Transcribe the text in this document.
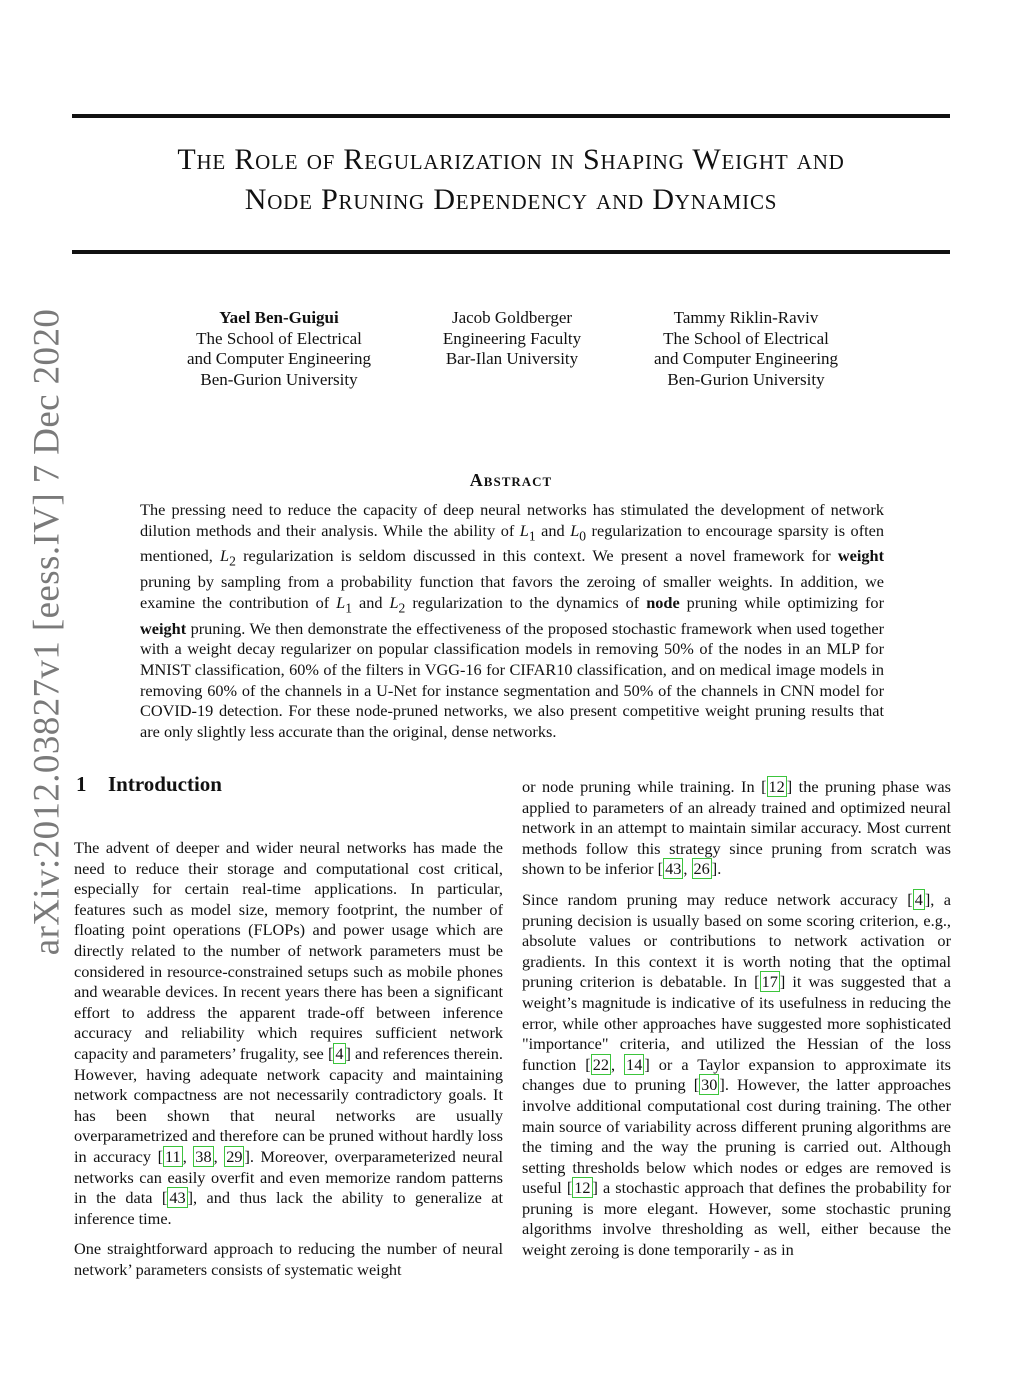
The Role of Regularization in Shaping Weight and
Node Pruning Dependency and Dynamics
arXiv:2012.03827v1 [eess.IV] 7 Dec 2020	Yael Ben-Guigui
The School of Electrical
and Computer Engineering
Ben-Gurion University
Jacob Goldberger
Engineering Faculty
Bar-Ilan University
Tammy Riklin-Raviv
The School of Electrical
and Computer Engineering
Ben-Gurion University
Abstract
The pressing need to reduce the capacity of deep neural networks has stimulated the development of network dilution methods and their analysis. While the ability of $L_1$ and $L_0$ regularization to encourage sparsity is often mentioned, $L_2$ regularization is seldom discussed in this context. We present a novel framework for weight pruning by sampling from a probability function that favors the zeroing of smaller weights. In addition, we examine the contribution of $L_1$ and $L_2$ regularization to the dynamics of node pruning while optimizing for weight pruning. We then demonstrate the effectiveness of the proposed stochastic framework when used together with a weight decay regularizer on popular classification models in removing 50% of the nodes in an MLP for MNIST classification, 60% of the filters in VGG-16 for CIFAR10 classification, and on medical image models in removing 60% of the channels in a U-Net for instance segmentation and 50% of the channels in CNN model for COVID-19 detection. For these node-pruned networks, we also present competitive weight pruning results that are only slightly less accurate than the original, dense networks.
1 Introduction

The advent of deeper and wider neural networks has made the need to reduce their storage and computational cost critical, especially for certain real-time applications. In particular, features such as model size, memory footprint, the number of floating point operations (FLOPs) and power usage which are directly related to the number of network parameters must be considered in resource-constrained setups such as mobile phones and wearable devices. In recent years there has been a significant effort to address the apparent trade-off between inference accuracy and reliability which requires sufficient network capacity and parameters’ frugality, see [ 4 ] and references therein. However, having adequate network capacity and maintaining network compactness are not necessarily contradictory goals. It has been shown that neural networks are usually overparametrized and therefore can be pruned without hardly loss in accuracy [ 11 , 38 , 29 ]. Moreover, overparameterized neural networks can easily overfit and even memorize random patterns in the data [ 43 ], and thus lack the ability to generalize at inference time.

One straightforward approach to reducing the number of neural network’ parameters consists of systematic weight

or node pruning while training. In [ 12 ] the pruning phase was applied to parameters of an already trained and optimized neural network in an attempt to maintain similar accuracy. Most current methods follow this strategy since pruning from scratch was shown to be inferior [ 43 , 26 ].

Since random pruning may reduce network accuracy [ 4 ], a pruning decision is usually based on some scoring criterion, e.g., absolute values or contributions to network activation or gradients. In this context it is worth noting that the optimal pruning criterion is debatable. In [ 17 ] it was suggested that a weight’s magnitude is indicative of its usefulness in reducing the error, while other approaches have suggested more sophisticated "importance" criteria, and utilized the Hessian of the loss function [ 22 , 14 ] or a Taylor expansion to approximate its changes due to pruning [ 30 ]. However, the latter approaches involve additional computational cost during training. The other main source of variability across different pruning algorithms are the timing and the way the pruning is carried out. Although setting thresholds below which nodes or edges are removed is useful [ 12 ] a stochastic approach that defines the probability for pruning is more elegant. However, some stochastic pruning algorithms involve thresholding as well, either because the weight zeroing is done temporarily - as in
